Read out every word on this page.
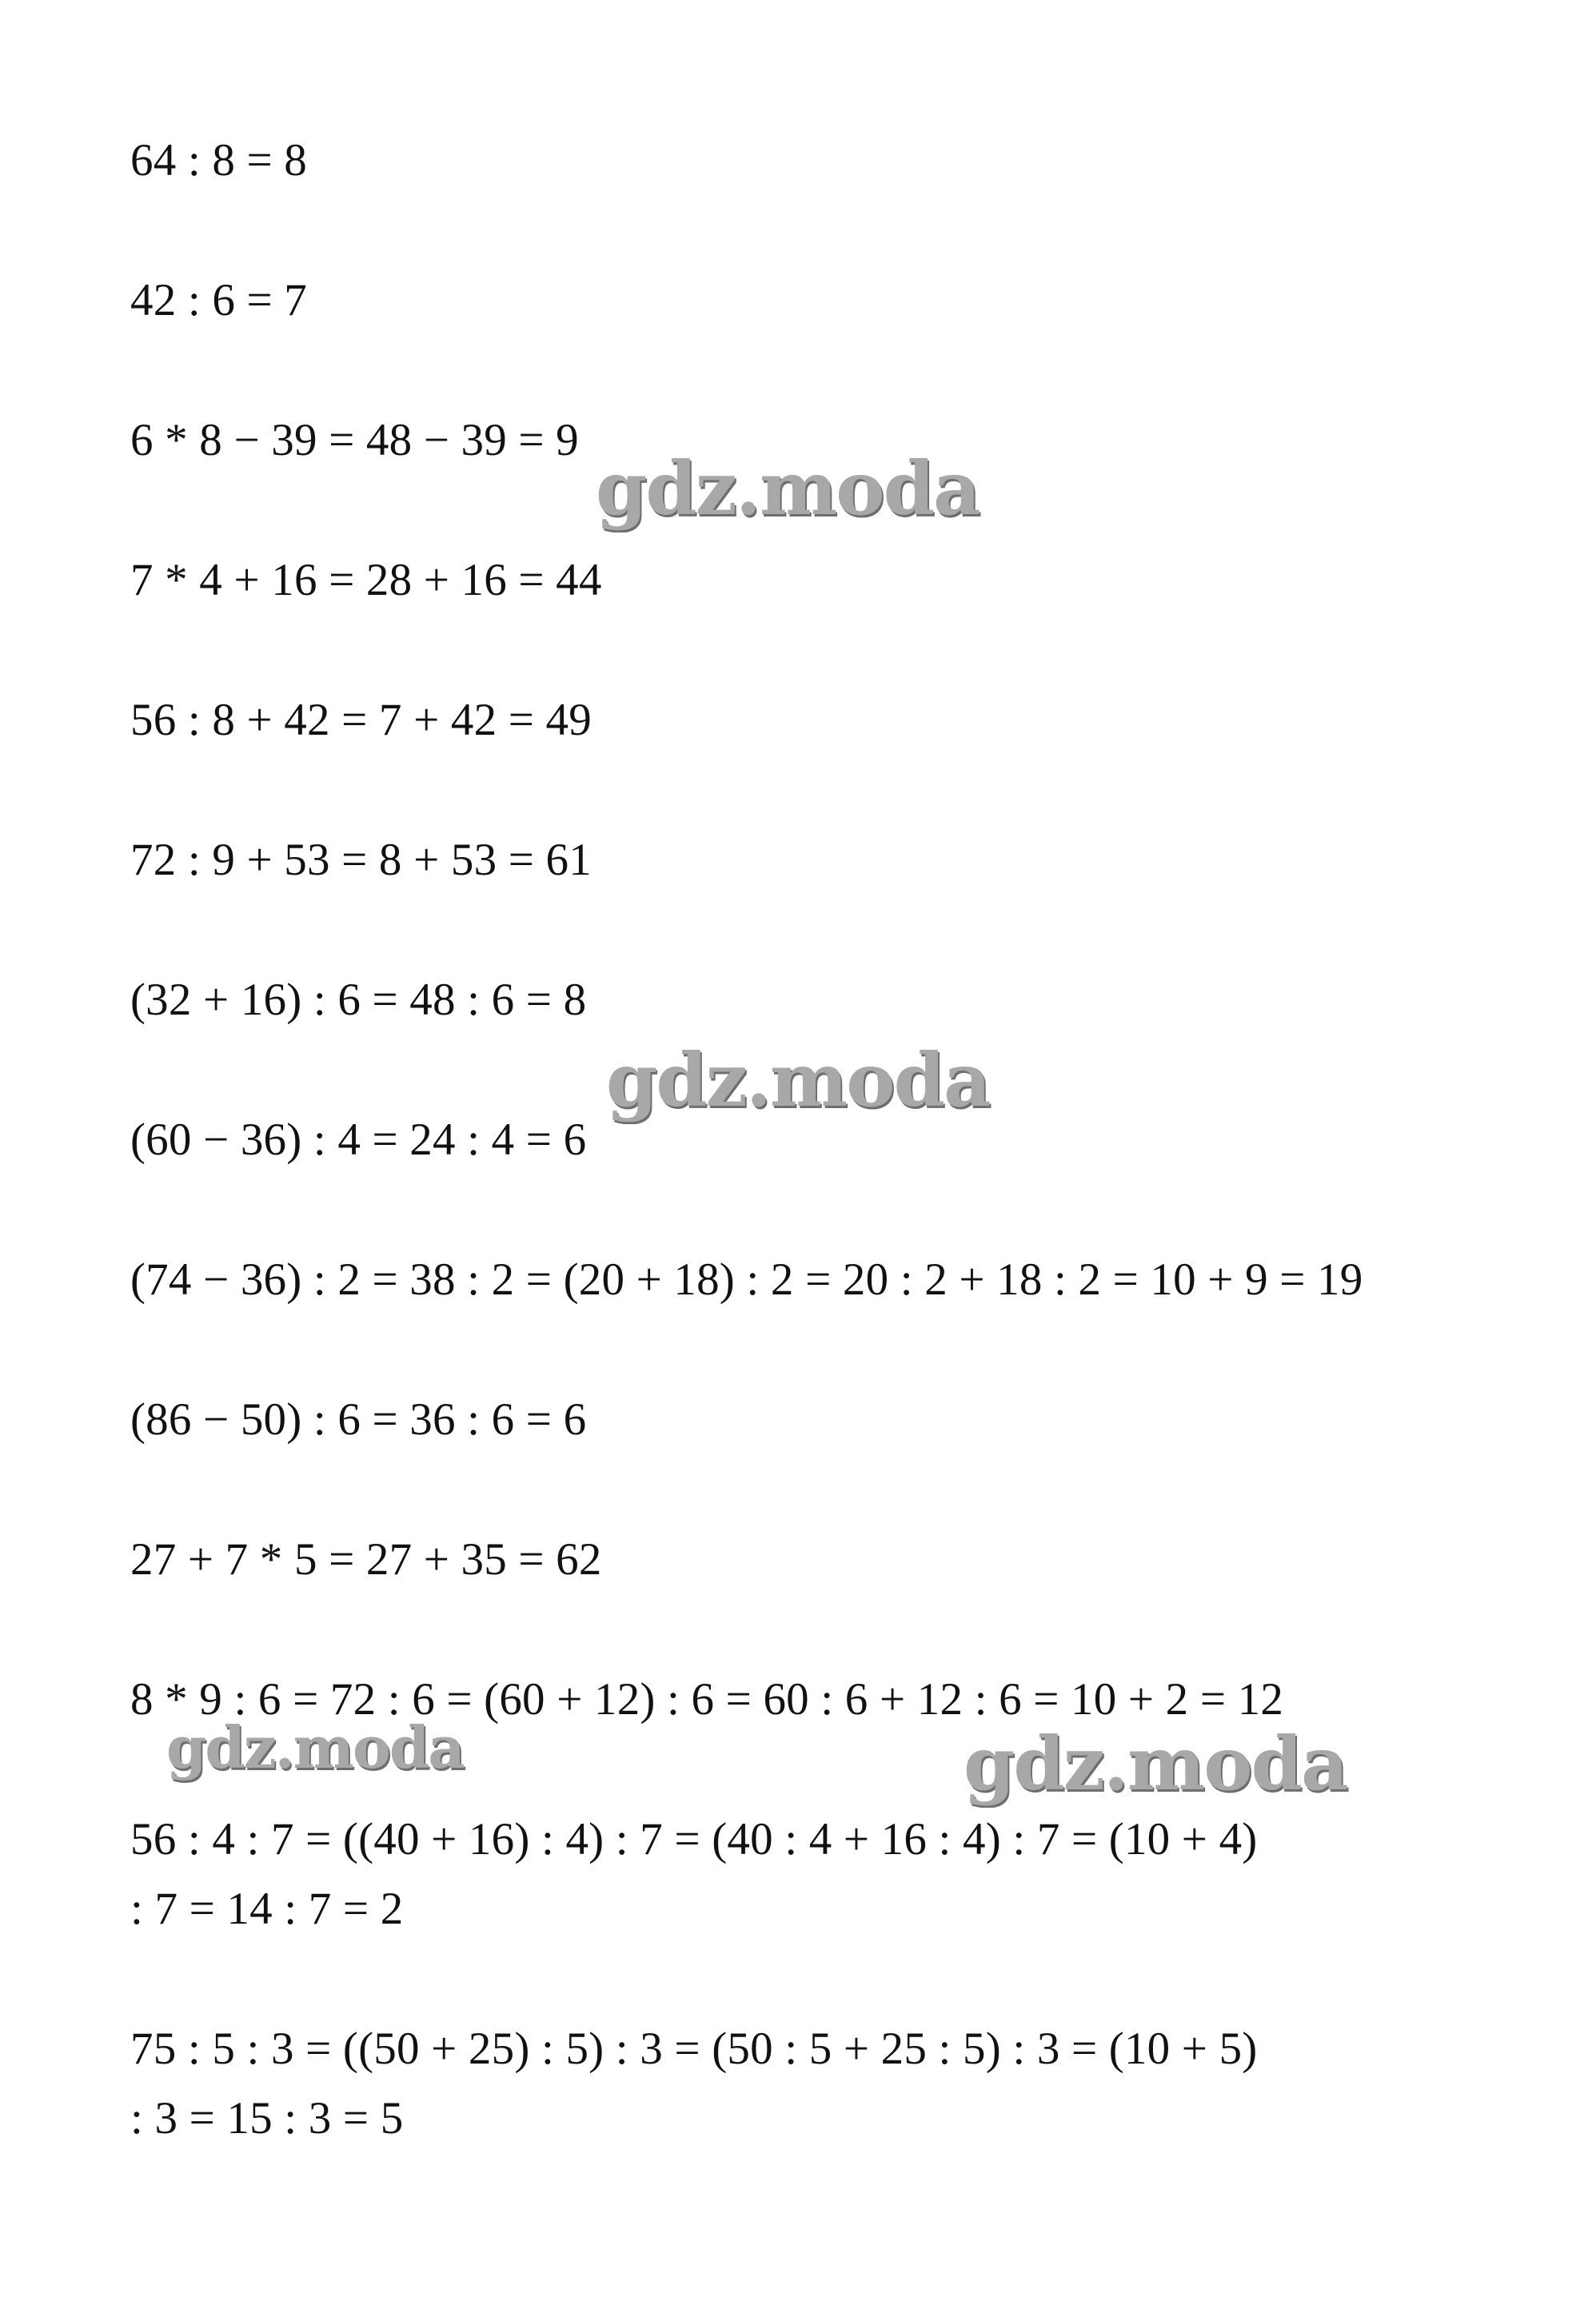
64 : 8 = 8
42 : 6 = 7
6 * 8 − 39 = 48 − 39 = 9
7 * 4 + 16 = 28 + 16 = 44
56 : 8 + 42 = 7 + 42 = 49
72 : 9 + 53 = 8 + 53 = 61
(32 + 16) : 6 = 48 : 6 = 8
(60 − 36) : 4 = 24 : 4 = 6
(74 − 36) : 2 = 38 : 2 = (20 + 18) : 2 = 20 : 2 + 18 : 2 = 10 + 9 = 19
(86 − 50) : 6 = 36 : 6 = 6
27 + 7 * 5 = 27 + 35 = 62
8 * 9 : 6 = 72 : 6 = (60 + 12) : 6 = 60 : 6 + 12 : 6 = 10 + 2 = 12
56 : 4 : 7 = ((40 + 16) : 4) : 7 = (40 : 4 + 16 : 4) : 7 = (10 + 4)
: 7 = 14 : 7 = 2
75 : 5 : 3 = ((50 + 25) : 5) : 3 = (50 : 5 + 25 : 5) : 3 = (10 + 5)
: 3 = 15 : 3 = 5
gdz.moda
gdz.moda
gdz.moda	gdz.moda
